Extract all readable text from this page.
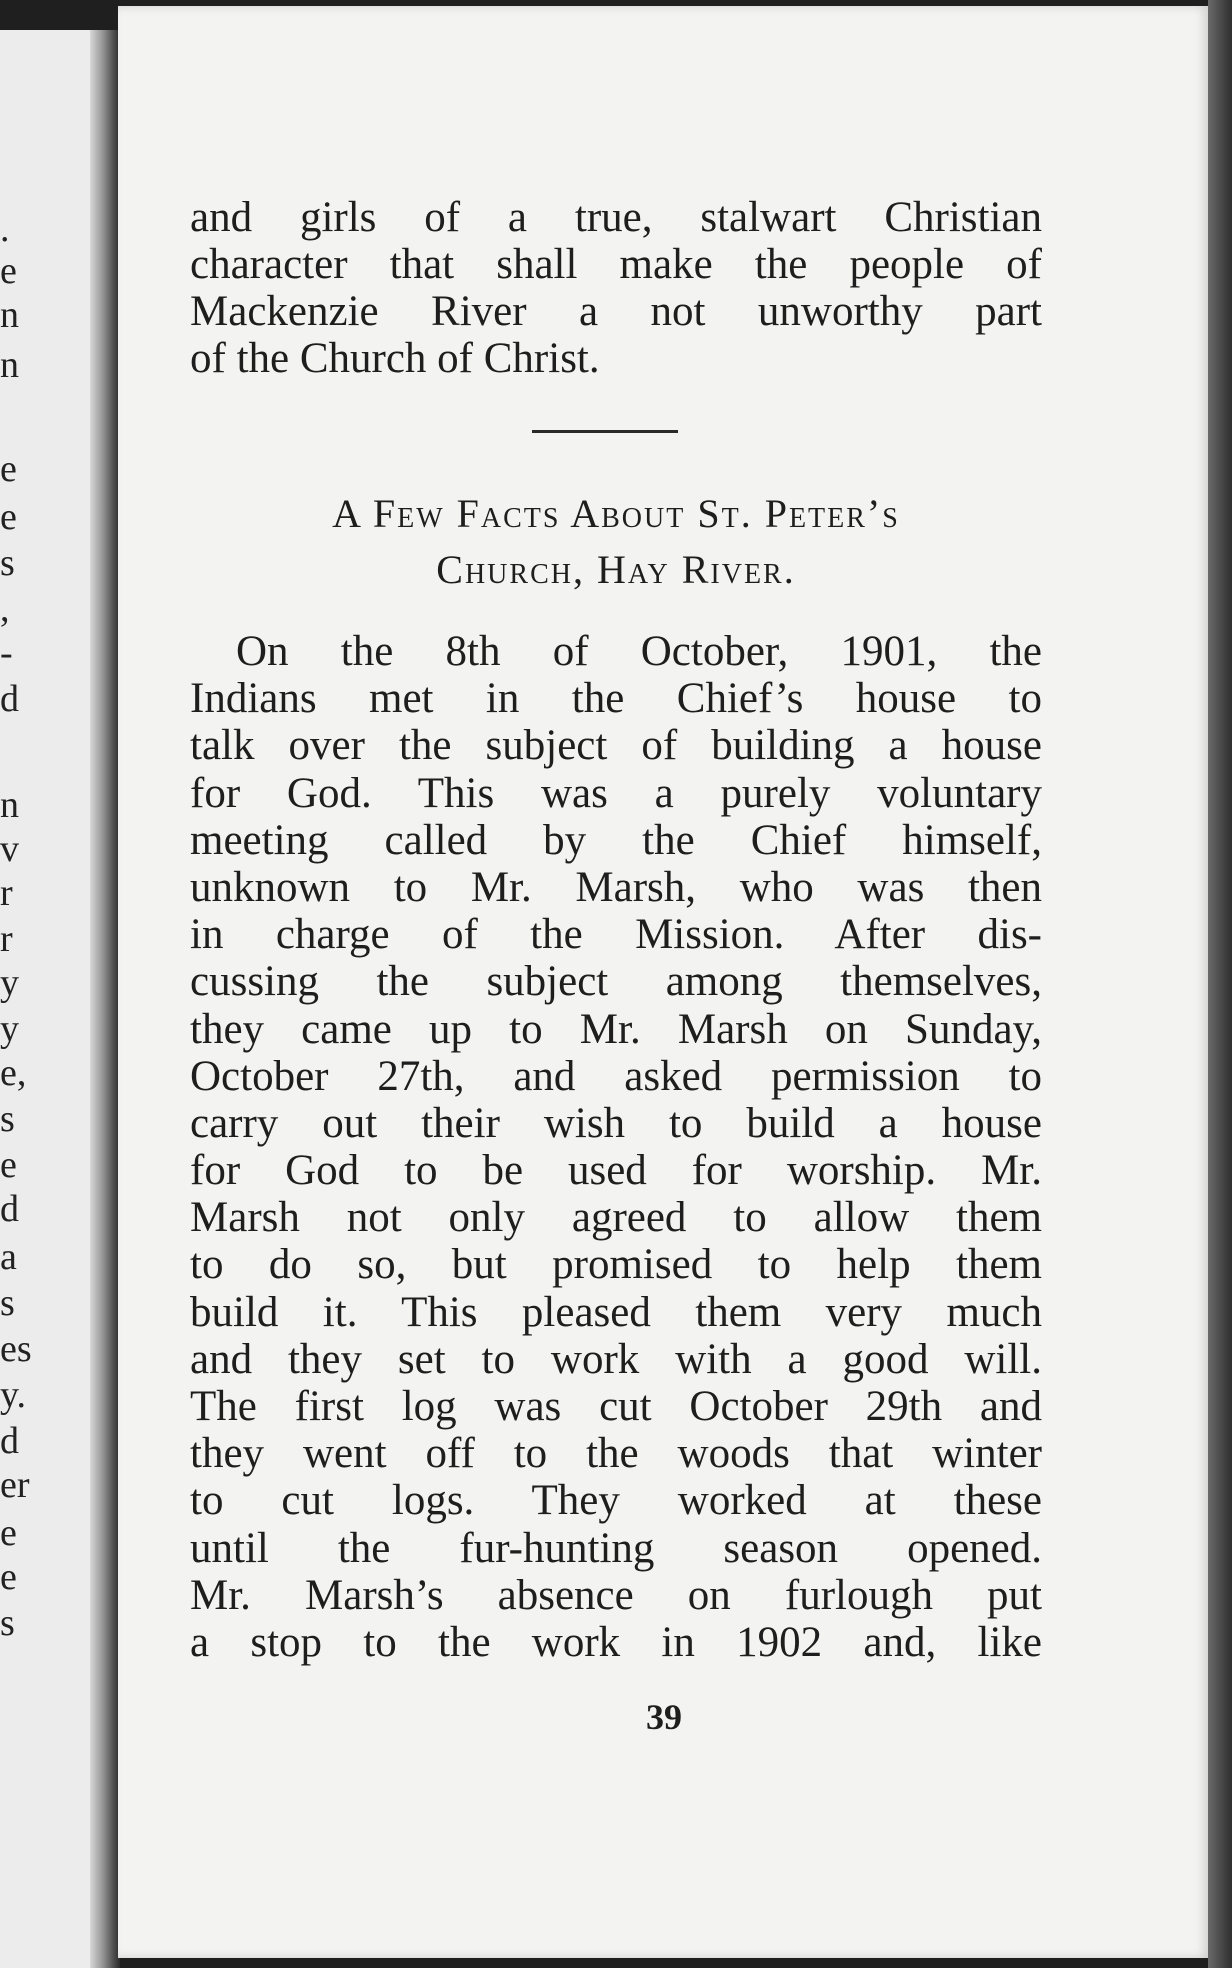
.
e
n
n
e
e
s
,
-
d
n
v
r
r
y
y
e,
s
e
d
a
s
es
y.
d
er
e
e
s
and girls of a true, stalwart Christian
character that shall make the people of
Mackenzie River a not unworthy part
of the Church of Christ.
A Few Facts About St. Peter’s
Church, Hay River.
On the 8th of October, 1901, the
Indians met in the Chief’s house to
talk over the subject of building a house
for God. This was a purely voluntary
meeting called by the Chief himself,
unknown to Mr. Marsh, who was then
in charge of the Mission. After dis-
cussing the subject among themselves,
they came up to Mr. Marsh on Sunday,
October 27th, and asked permission to
carry out their wish to build a house
for God to be used for worship. Mr.
Marsh not only agreed to allow them
to do so, but promised to help them
build it. This pleased them very much
and they set to work with a good will.
The first log was cut October 29th and
they went off to the woods that winter
to cut logs. They worked at these
until the fur-hunting season opened.
Mr. Marsh’s absence on furlough put
a stop to the work in 1902 and, like
39
